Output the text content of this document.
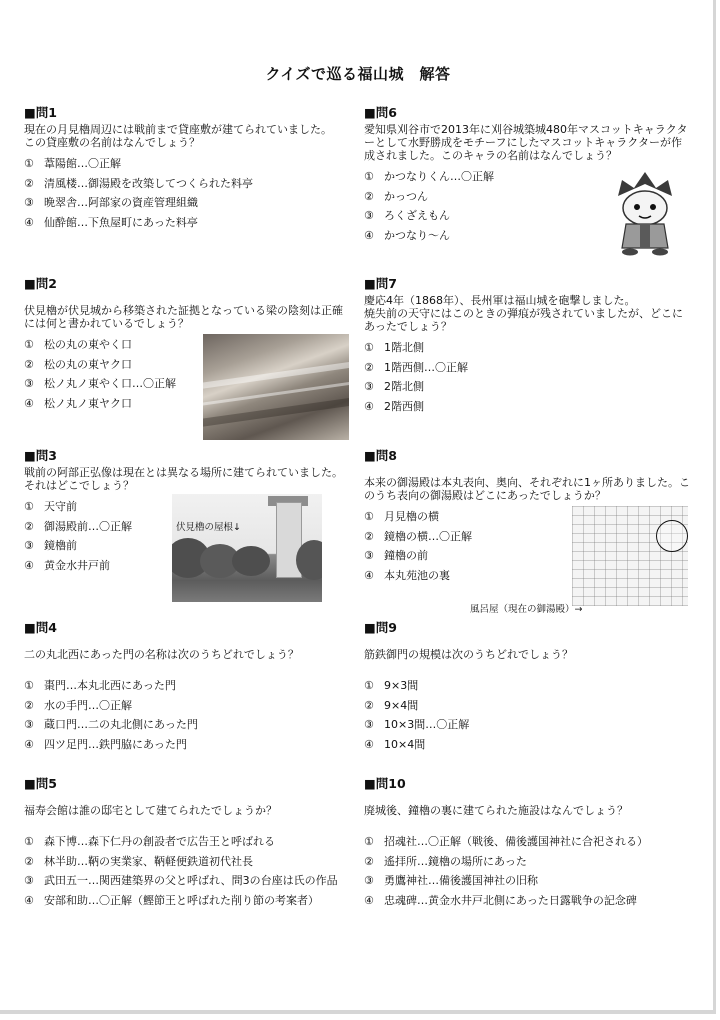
クイズで巡る福山城　解答
■問1
現在の月見櫓周辺には戦前まで貸座敷が建てられていました。
この貸座敷の名前はなんでしょう？
① 葦陽館…〇正解
② 清風楼…御湯殿を改築してつくられた料亭
③ 晩翠舎…阿部家の資産管理組織
④ 仙酔館…下魚屋町にあった料亭
■問2
伏見櫓が伏見城から移築された証拠となっている梁の陰刻は正確には何と書かれているでしょう？
① 松の丸の東やく口
② 松の丸の東ヤク口
③ 松ノ丸ノ東やく口…〇正解
④ 松ノ丸ノ東ヤク口
■問3
戦前の阿部正弘像は現在とは異なる場所に建てられていました。
それはどこでしょう？
① 天守前
② 御湯殿前…〇正解
③ 鏡櫓前
④ 黄金水井戸前
■問4
二の丸北西にあった門の名称は次のうちどれでしょう？
① 棗門…本丸北西にあった門
② 水の手門…〇正解
③ 蔵口門…二の丸北側にあった門
④ 四ツ足門…鉄門脇にあった門
■問5
福寿会館は誰の邸宅として建てられたでしょうか？
① 森下博…森下仁丹の創設者で広告王と呼ばれる
② 林半助…鞆の実業家、鞆軽便鉄道初代社長
③ 武田五一…関西建築界の父と呼ばれ、問3の台座は氏の作品
④ 安部和助…〇正解（鰹節王と呼ばれた削り節の考案者）
■問6
愛知県刈谷市で2013年に刈谷城築城480年マスコットキャラクターとして水野勝成をモチーフにしたマスコットキャラクターが作成されました。このキャラの名前はなんでしょう？
① かつなりくん…〇正解
② かっつん
③ ろくざえもん
④ かつなり～ん
■問7
慶応4年（1868年）、長州軍は福山城を砲撃しました。
焼失前の天守にはこのときの弾痕が残されていましたが、どこにあったでしょう？
① 1階北側
② 1階西側…〇正解
③ 2階北側
④ 2階西側
■問8
本来の御湯殿は本丸表向、奥向、それぞれに1ヶ所ありました。このうち表向の御湯殿はどこにあったでしょうか？
① 月見櫓の横
② 鏡櫓の横…〇正解
③ 鐘櫓の前
④ 本丸苑池の裏
■問9
筋鉄御門の規模は次のうちどれでしょう？
① 9×3間
② 9×4間
③ 10×3間…〇正解
④ 10×4間
■問10
廃城後、鐘櫓の裏に建てられた施設はなんでしょう？
① 招魂社…〇正解（戦後、備後護国神社に合祀される）
② 遙拝所…鏡櫓の場所にあった
③ 勇鷹神社…備後護国神社の旧称
④ 忠魂碑…黄金水井戸北側にあった日露戦争の記念碑
伏見櫓の屋根↓
風呂屋（現在の御湯殿）→
